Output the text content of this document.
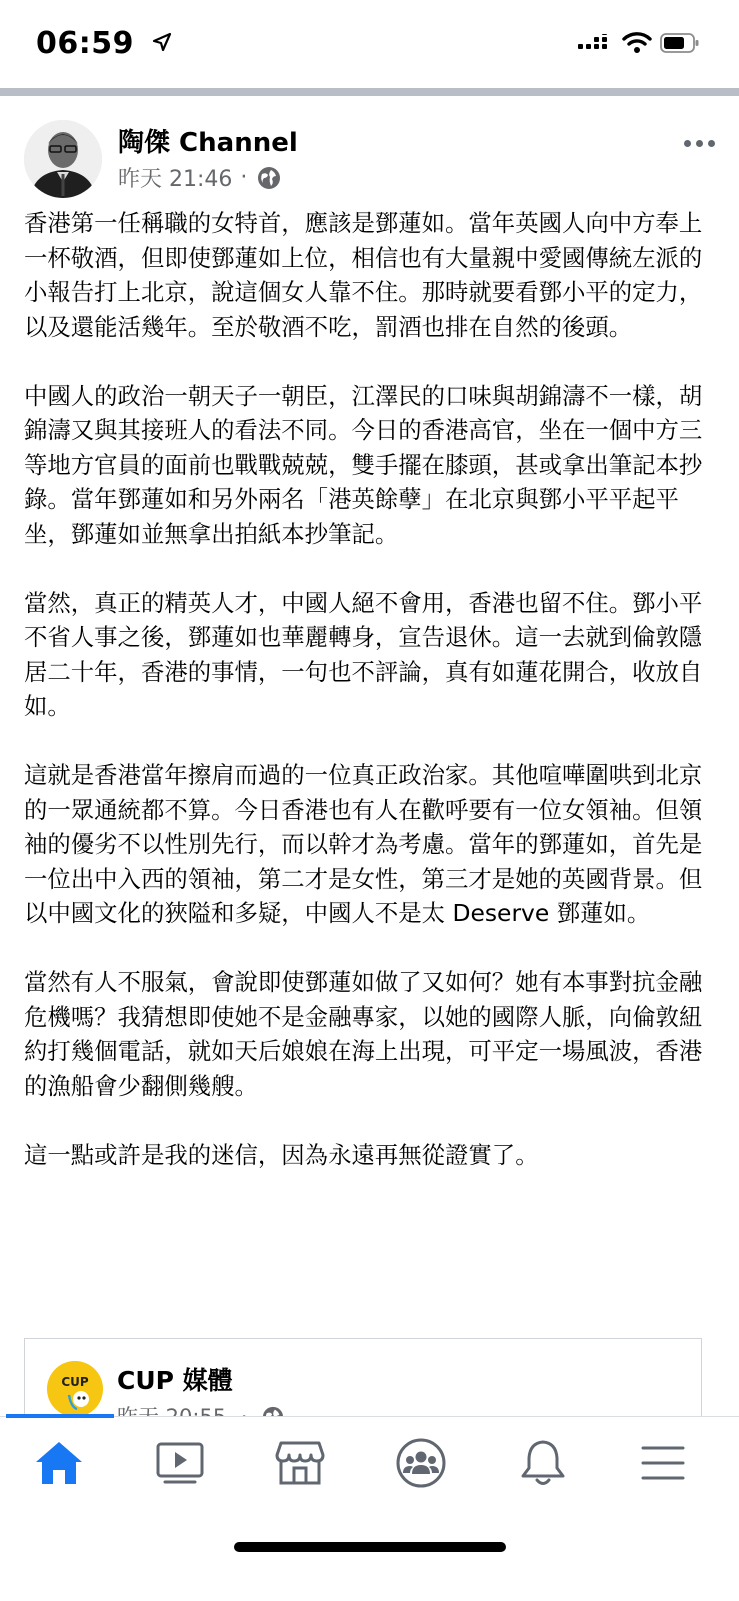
06:59
陶傑 Channel
昨天 21:46 ·

香港第一任稱職的女特首，應該是鄧蓮如。當年英國人向中方奉上一杯敬酒，但即使鄧蓮如上位，相信也有大量親中愛國傳統左派的小報告打上北京，說這個女人靠不住。那時就要看鄧小平的定力，以及還能活幾年。至於敬酒不吃，罰酒也排在自然的後頭。

中國人的政治一朝天子一朝臣，江澤民的口味與胡錦濤不一樣，胡錦濤又與其接班人的看法不同。今日的香港高官，坐在一個中方三等地方官員的面前也戰戰兢兢，雙手擺在膝頭，甚或拿出筆記本抄錄。當年鄧蓮如和另外兩名「港英餘孽」在北京與鄧小平平起平坐，鄧蓮如並無拿出拍紙本抄筆記。

當然，真正的精英人才，中國人絕不會用，香港也留不住。鄧小平不省人事之後，鄧蓮如也華麗轉身，宣告退休。這一去就到倫敦隱居二十年，香港的事情，一句也不評論，真有如蓮花開合，收放自如。

這就是香港當年擦肩而過的一位真正政治家。其他喧嘩圍哄到北京的一眾通統都不算。今日香港也有人在歡呼要有一位女領袖。但領袖的優劣不以性別先行，而以幹才為考慮。當年的鄧蓮如，首先是一位出中入西的領袖，第二才是女性，第三才是她的英國背景。但以中國文化的狹隘和多疑，中國人不是太 Deserve 鄧蓮如。

當然有人不服氣，會說即使鄧蓮如做了又如何？她有本事對抗金融危機嗎？我猜想即使她不是金融專家，以她的國際人脈，向倫敦紐約打幾個電話，就如天后娘娘在海上出現，可平定一場風波，香港的漁船會少翻側幾艘。

這一點或許是我的迷信，因為永遠再無從證實了。

CUP CUP 媒體
